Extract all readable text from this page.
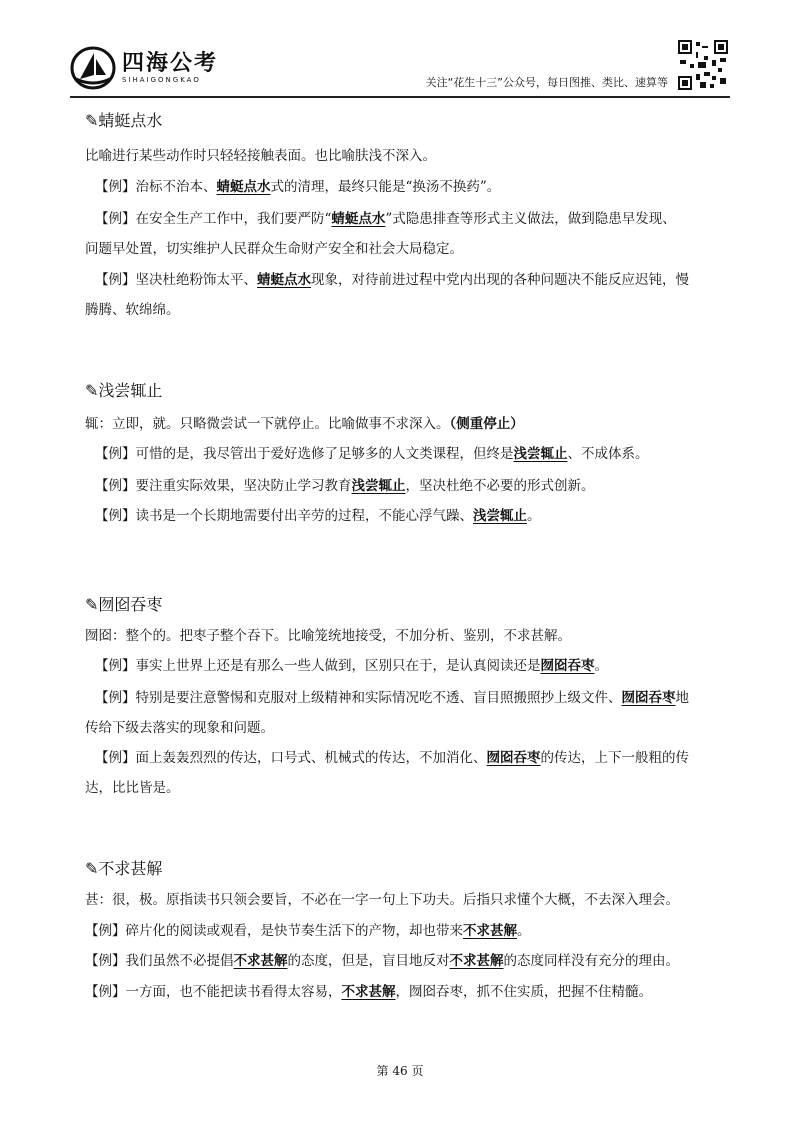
四海公考
SIHAIGONGKAO	关注“花生十三”公众号，每日图推、类比、速算等
✎蜻蜓点水
比喻进行某些动作时只轻轻接触表面。也比喻肤浅不深入。
【例】治标不治本、蜻蜓点水式的清理，最终只能是“换汤不换药”。
【例】在安全生产工作中，我们要严防“蜻蜓点水”式隐患排查等形式主义做法，做到隐患早发现、
问题早处置，切实维护人民群众生命财产安全和社会大局稳定。
【例】坚决杜绝粉饰太平、蜻蜓点水现象，对待前进过程中党内出现的各种问题决不能反应迟钝，慢
腾腾、软绵绵。
✎浅尝辄止
辄：立即，就。只略微尝试一下就停止。比喻做事不求深入。（侧重停止）
【例】可惜的是，我尽管出于爱好选修了足够多的人文类课程，但终是浅尝辄止、不成体系。
【例】要注重实际效果，坚决防止学习教育浅尝辄止，坚决杜绝不必要的形式创新。
【例】读书是一个长期地需要付出辛劳的过程，不能心浮气躁、浅尝辄止。
✎囫囵吞枣
囫囵：整个的。把枣子整个吞下。比喻笼统地接受，不加分析、鉴别，不求甚解。
【例】事实上世界上还是有那么一些人做到，区别只在于，是认真阅读还是囫囵吞枣。
【例】特别是要注意警惕和克服对上级精神和实际情况吃不透、盲目照搬照抄上级文件、囫囵吞枣地
传给下级去落实的现象和问题。
【例】面上轰轰烈烈的传达，口号式、机械式的传达，不加消化、囫囵吞枣的传达，上下一般粗的传
达，比比皆是。
✎不求甚解
甚：很，极。原指读书只领会要旨，不必在一字一句上下功夫。后指只求懂个大概，不去深入理会。
【例】碎片化的阅读或观看，是快节奏生活下的产物，却也带来不求甚解。
【例】我们虽然不必提倡不求甚解的态度，但是，盲目地反对不求甚解的态度同样没有充分的理由。
【例】一方面，也不能把读书看得太容易，不求甚解，囫囵吞枣，抓不住实质，把握不住精髓。
第 46 页
